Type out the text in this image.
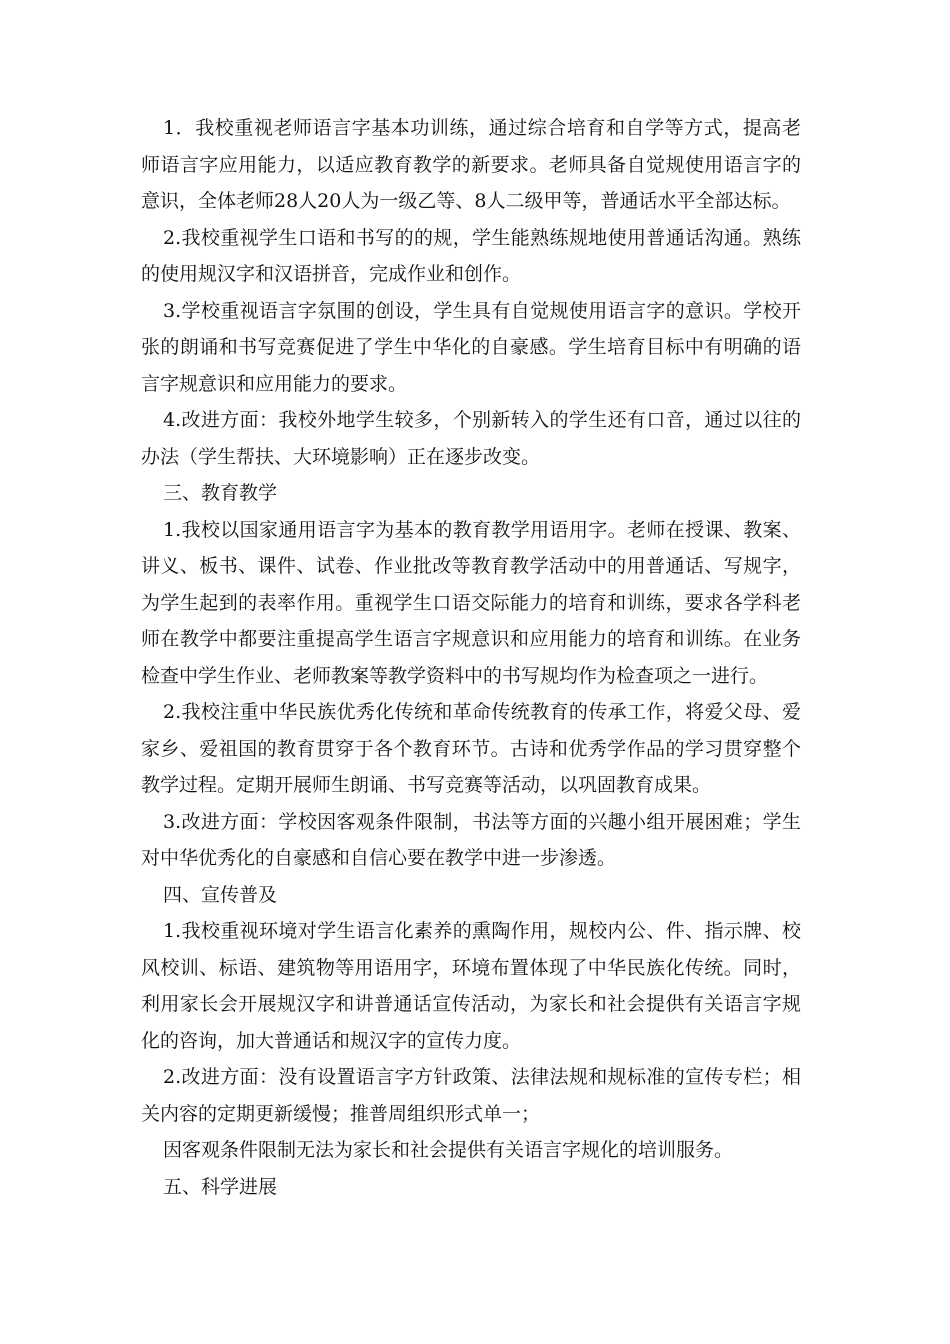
1．我校重视老师语言字基本功训练，通过综合培育和自学等方式，提高老师语言字应用能力，以适应教育教学的新要求。老师具备自觉规使用语言字的意识，全体老师28人20人为一级乙等、8人二级甲等，普通话水平全部达标。

2.我校重视学生口语和书写的的规，学生能熟练规地使用普通话沟通。熟练的使用规汉字和汉语拼音，完成作业和创作。

3.学校重视语言字氛围的创设，学生具有自觉规使用语言字的意识。学校开张的朗诵和书写竞赛促进了学生中华化的自豪感。学生培育目标中有明确的语言字规意识和应用能力的要求。

4.改进方面：我校外地学生较多，个别新转入的学生还有口音，通过以往的办法（学生帮扶、大环境影响）正在逐步改变。

三、教育教学

1.我校以国家通用语言字为基本的教育教学用语用字。老师在授课、教案、讲义、板书、课件、试卷、作业批改等教育教学活动中的用普通话、写规字，为学生起到的表率作用。重视学生口语交际能力的培育和训练，要求各学科老师在教学中都要注重提高学生语言字规意识和应用能力的培育和训练。在业务检查中学生作业、老师教案等教学资料中的书写规均作为检查项之一进行。

2.我校注重中华民族优秀化传统和革命传统教育的传承工作，将爱父母、爱家乡、爱祖国的教育贯穿于各个教育环节。古诗和优秀学作品的学习贯穿整个教学过程。定期开展师生朗诵、书写竞赛等活动，以巩固教育成果。

3.改进方面：学校因客观条件限制，书法等方面的兴趣小组开展困难；学生对中华优秀化的自豪感和自信心要在教学中进一步渗透。

四、宣传普及

1.我校重视环境对学生语言化素养的熏陶作用，规校内公、件、指示牌、校风校训、标语、建筑物等用语用字，环境布置体现了中华民族化传统。同时，利用家长会开展规汉字和讲普通话宣传活动，为家长和社会提供有关语言字规化的咨询，加大普通话和规汉字的宣传力度。

2.改进方面：没有设置语言字方针政策、法律法规和规标准的宣传专栏；相关内容的定期更新缓慢；推普周组织形式单一；

因客观条件限制无法为家长和社会提供有关语言字规化的培训服务。

五、科学进展
